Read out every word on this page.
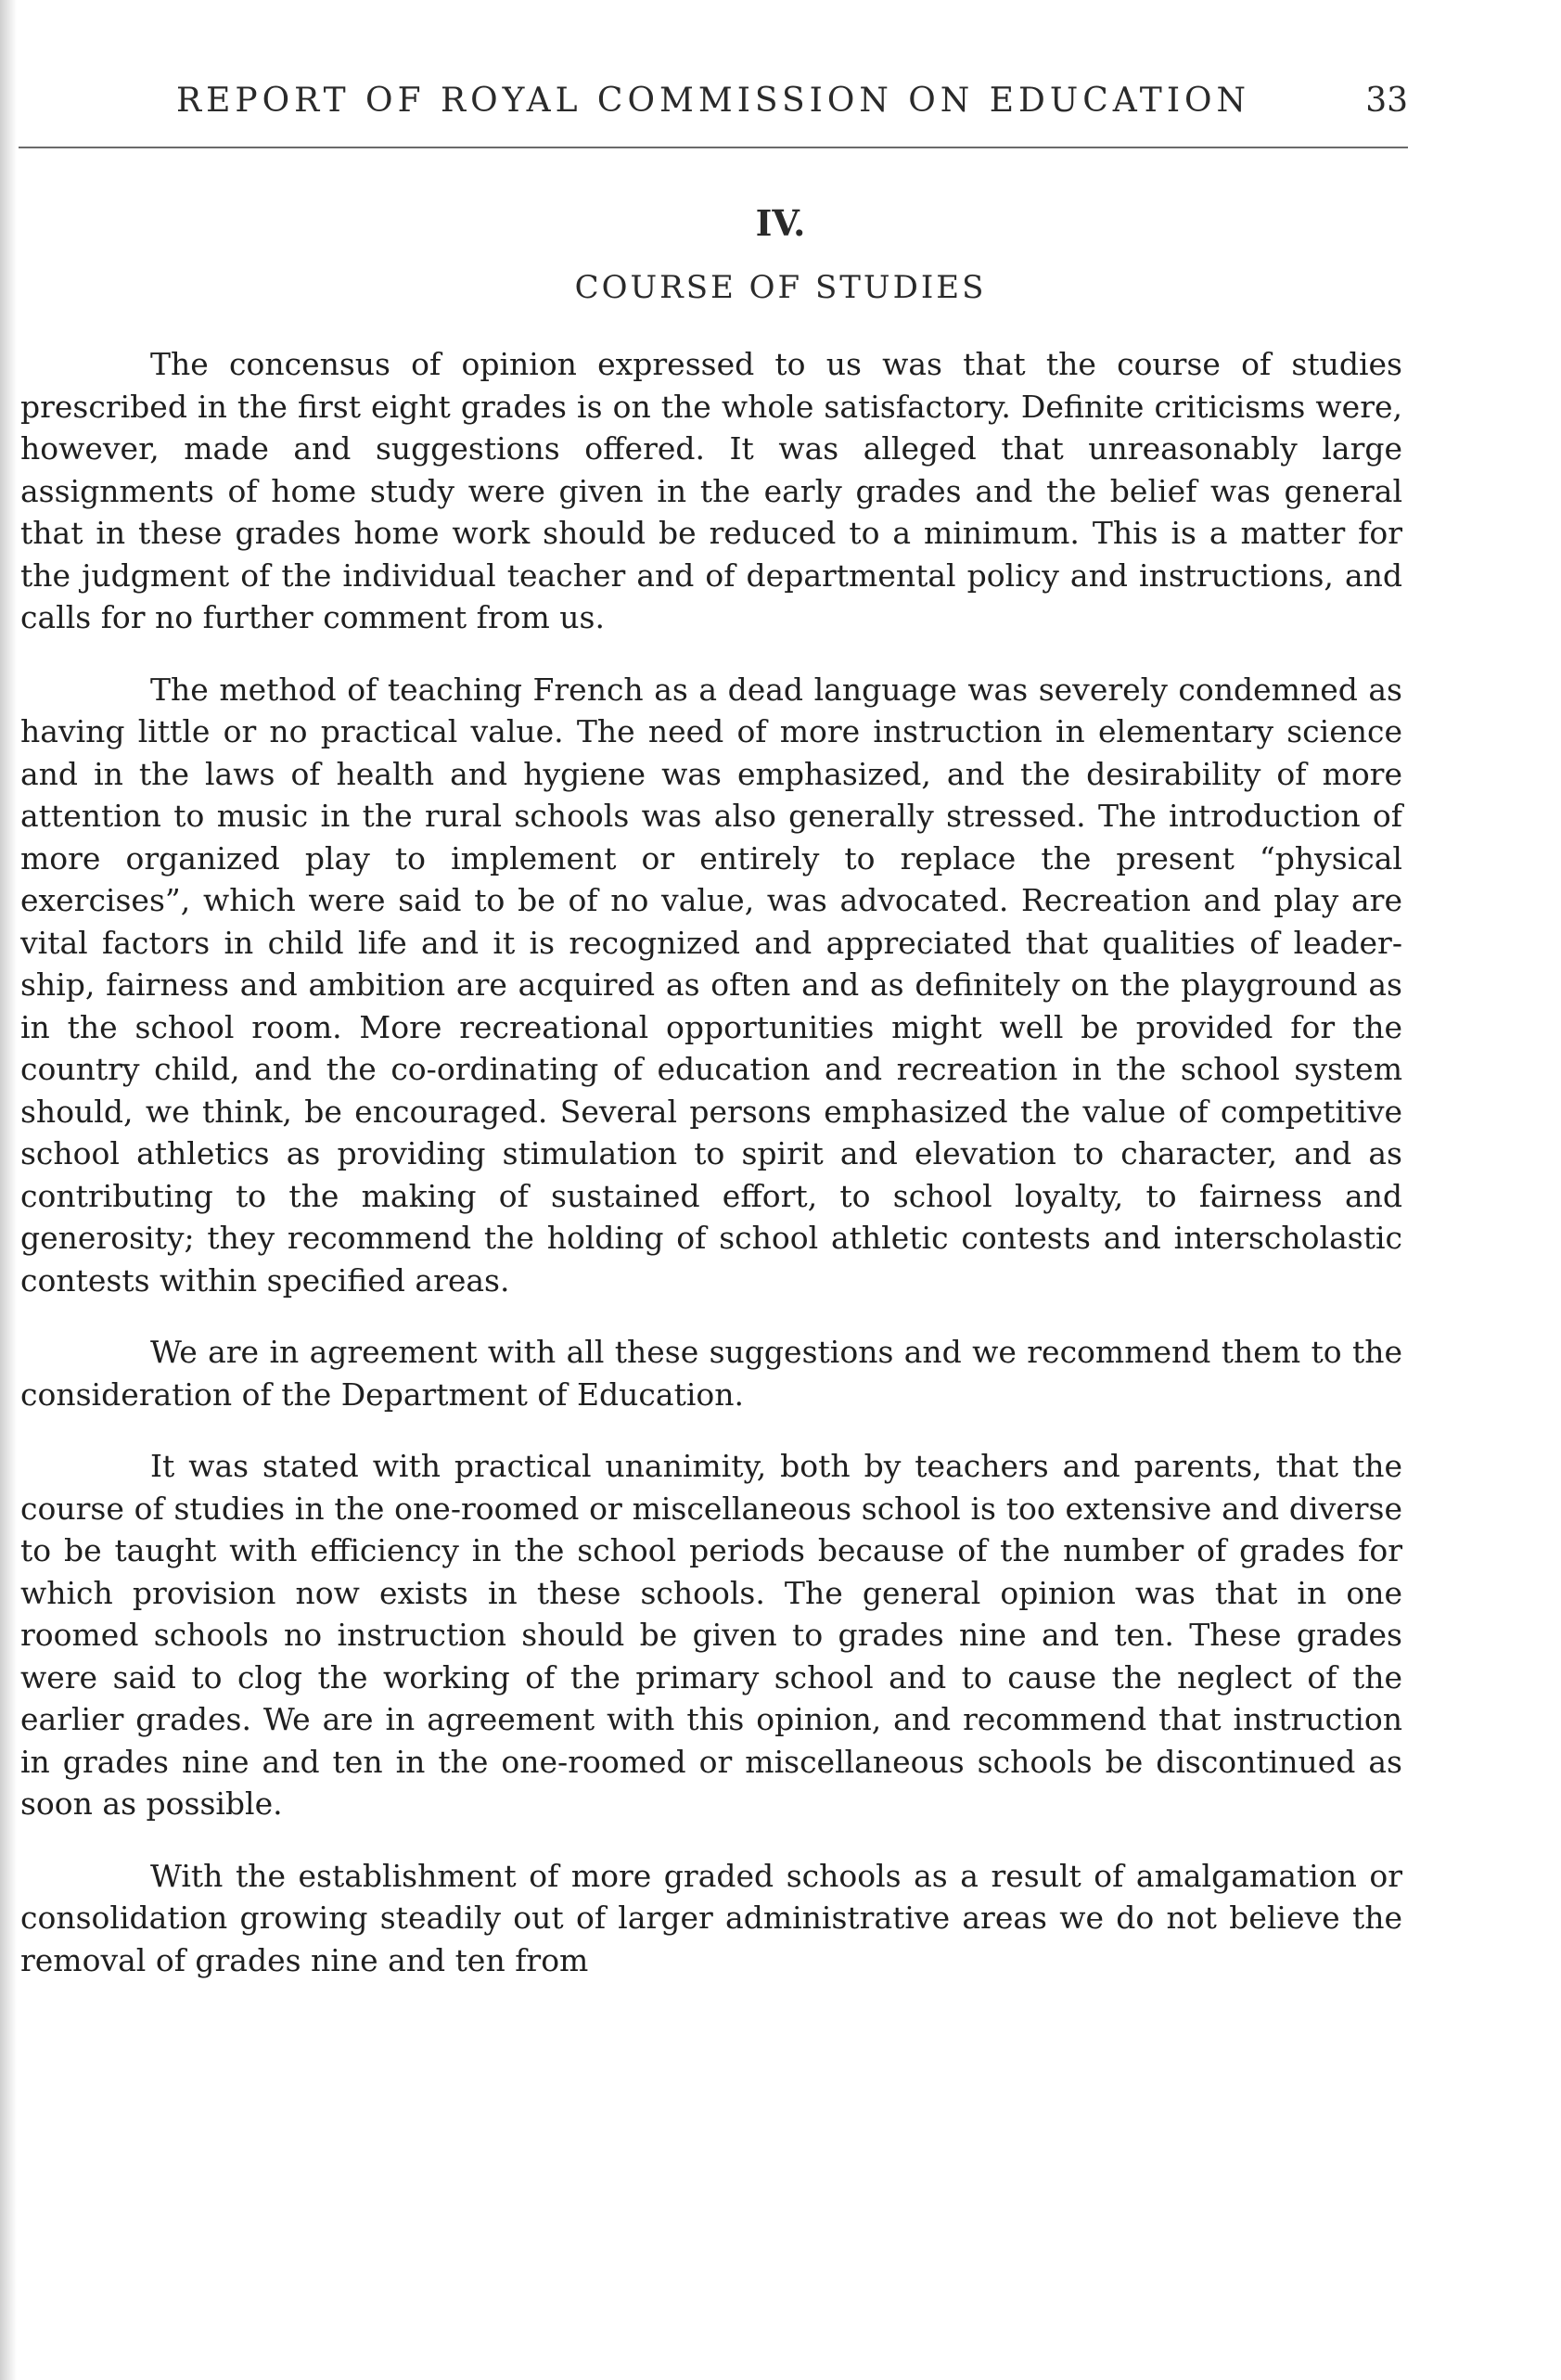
REPORT OF ROYAL COMMISSION ON EDUCATION	33
IV.
COURSE OF STUDIES

The concensus of opinion expressed to us was that the course of studies prescribed in the first eight grades is on the whole satisfactory. Definite criticisms were, however, made and suggestions offered. It was alleged that unreasonably large assignments of home study were given in the early grades and the belief was general that in these grades home work should be reduced to a minimum. This is a matter for the judgment of the individual teacher and of departmental policy and instructions, and calls for no further comment from us.

The method of teaching French as a dead language was severely condemned as having little or no practical value. The need of more instruction in elementary science and in the laws of health and hygiene was emphasized, and the desirability of more attention to music in the rural schools was also generally stressed. The introduction of more organized play to implement or entirely to replace the present “physical exercises”, which were said to be of no value, was advocated. Recreation and play are vital factors in child life and it is recognized and appreciated that qualities of leadership, fairness and ambition are acquired as often and as definitely on the playground as in the school room. More recreational opportunities might well be provided for the country child, and the co-ordinating of education and recreation in the school system should, we think, be encouraged. Several persons emphasized the value of competitive school athletics as providing stimulation to spirit and elevation to character, and as contributing to the making of sustained effort, to school loyalty, to fairness and generosity; they recommend the holding of school athletic contests and interscholastic contests within specified areas.

We are in agreement with all these suggestions and we recommend them to the consideration of the Department of Education.

It was stated with practical unanimity, both by teachers and parents, that the course of studies in the one-roomed or miscellaneous school is too extensive and diverse to be taught with efficiency in the school periods because of the number of grades for which provision now exists in these schools. The general opinion was that in one roomed schools no instruction should be given to grades nine and ten. These grades were said to clog the working of the primary school and to cause the neglect of the earlier grades. We are in agreement with this opinion, and recommend that instruction in grades nine and ten in the one-roomed or miscellaneous schools be discontinued as soon as possible.

With the establishment of more graded schools as a result of amalgamation or consolidation growing steadily out of larger administrative areas we do not believe the removal of grades nine and ten from
